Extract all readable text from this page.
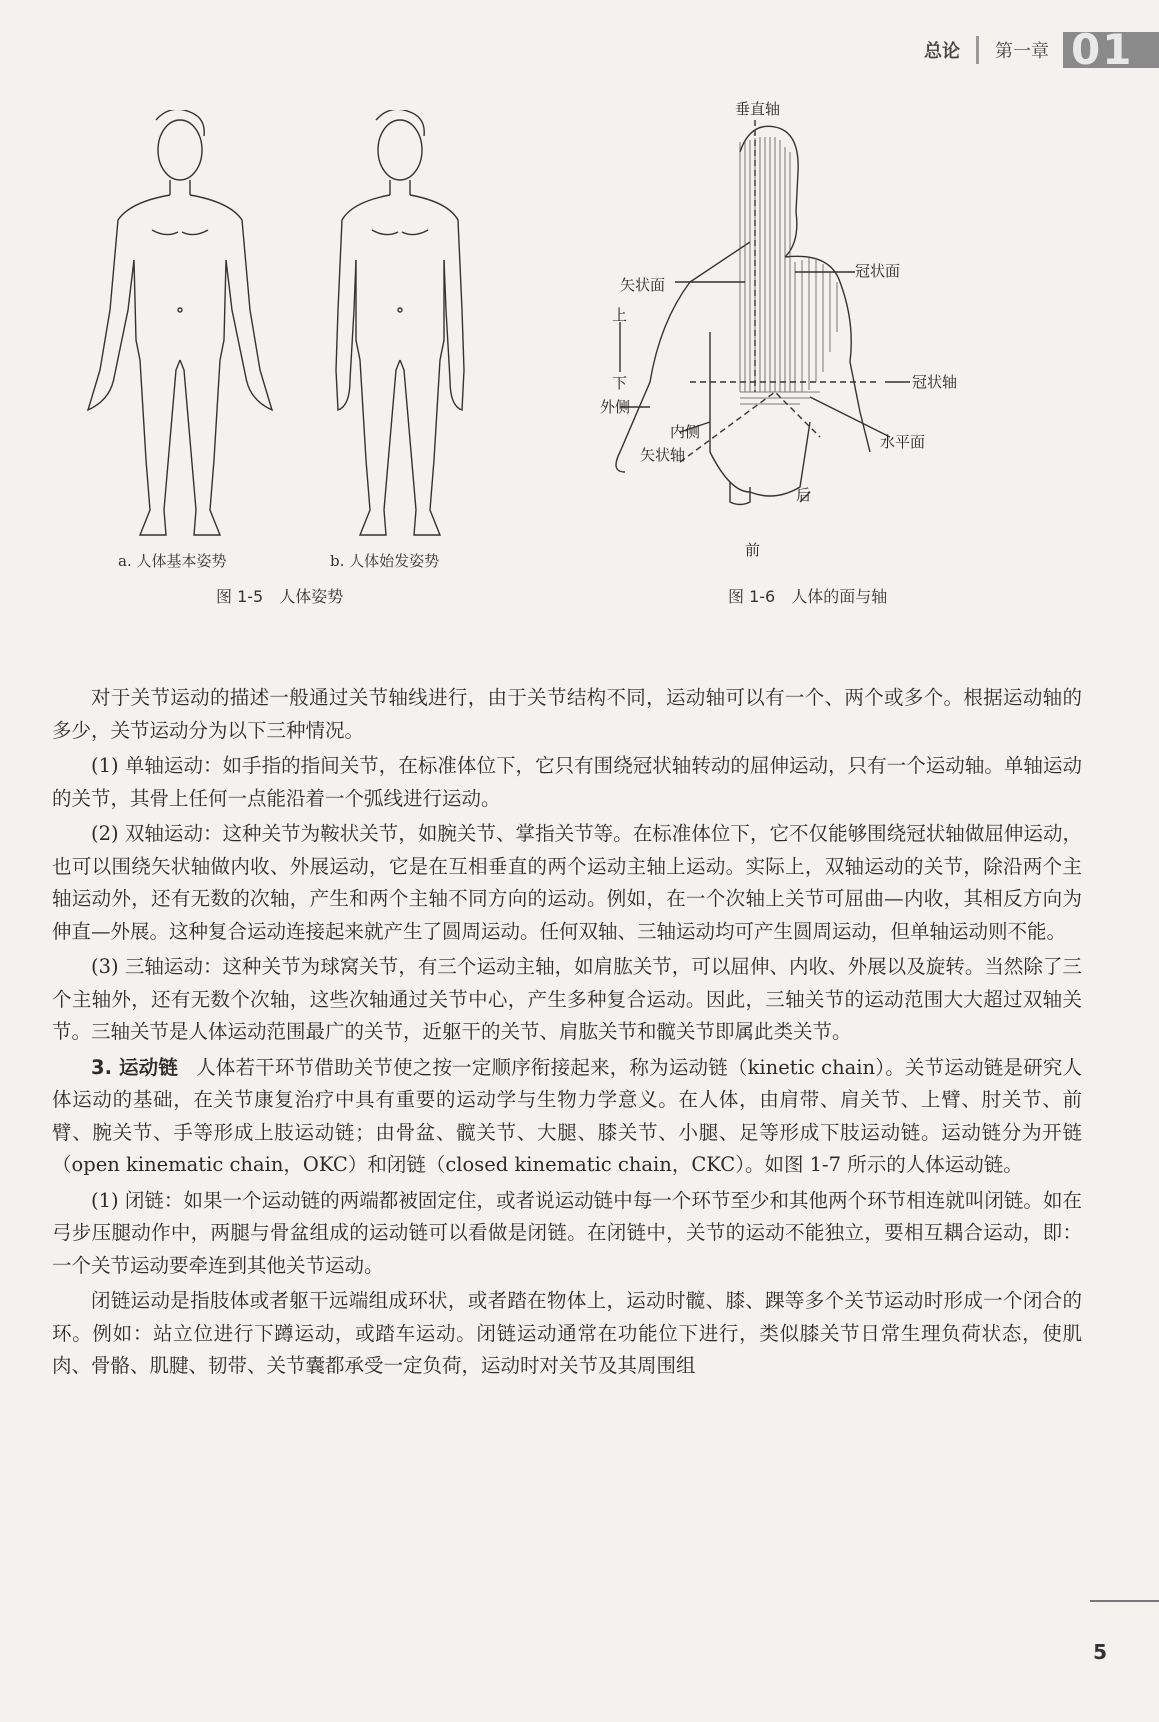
总论 第一章 01
a. 人体基本姿势	b. 人体始发姿势
图 1-5 人体姿势
垂直轴
冠状面
矢状面
上
下	冠状轴
外侧
内侧
矢状轴
水平面
后
前
图 1-6 人体的面与轴

对于关节运动的描述一般通过关节轴线进行，由于关节结构不同，运动轴可以有一个、两个或多个。根据运动轴的多少，关节运动分为以下三种情况。

(1) 单轴运动：如手指的指间关节，在标准体位下，它只有围绕冠状轴转动的屈伸运动，只有一个运动轴。单轴运动的关节，其骨上任何一点能沿着一个弧线进行运动。

(2) 双轴运动：这种关节为鞍状关节，如腕关节、掌指关节等。在标准体位下，它不仅能够围绕冠状轴做屈伸运动，也可以围绕矢状轴做内收、外展运动，它是在互相垂直的两个运动主轴上运动。实际上，双轴运动的关节，除沿两个主轴运动外，还有无数的次轴，产生和两个主轴不同方向的运动。例如，在一个次轴上关节可屈曲—内收，其相反方向为伸直—外展。这种复合运动连接起来就产生了圆周运动。任何双轴、三轴运动均可产生圆周运动，但单轴运动则不能。

(3) 三轴运动：这种关节为球窝关节，有三个运动主轴，如肩肱关节，可以屈伸、内收、外展以及旋转。当然除了三个主轴外，还有无数个次轴，这些次轴通过关节中心，产生多种复合运动。因此，三轴关节的运动范围大大超过双轴关节。三轴关节是人体运动范围最广的关节，近躯干的关节、肩肱关节和髋关节即属此类关节。

3. 运动链 人体若干环节借助关节使之按一定顺序衔接起来，称为运动链（kinetic chain）。关节运动链是研究人体运动的基础，在关节康复治疗中具有重要的运动学与生物力学意义。在人体，由肩带、肩关节、上臂、肘关节、前臂、腕关节、手等形成上肢运动链；由骨盆、髋关节、大腿、膝关节、小腿、足等形成下肢运动链。运动链分为开链（open kinematic chain，OKC）和闭链（closed kinematic chain，CKC）。如图 1-7 所示的人体运动链。

(1) 闭链：如果一个运动链的两端都被固定住，或者说运动链中每一个环节至少和其他两个环节相连就叫闭链。如在弓步压腿动作中，两腿与骨盆组成的运动链可以看做是闭链。在闭链中，关节的运动不能独立，要相互耦合运动，即：一个关节运动要牵连到其他关节运动。

闭链运动是指肢体或者躯干远端组成环状，或者踏在物体上，运动时髋、膝、踝等多个关节运动时形成一个闭合的环。例如：站立位进行下蹲运动，或踏车运动。闭链运动通常在功能位下进行，类似膝关节日常生理负荷状态，使肌肉、骨骼、肌腱、韧带、关节囊都承受一定负荷，运动时对关节及其周围组

5
